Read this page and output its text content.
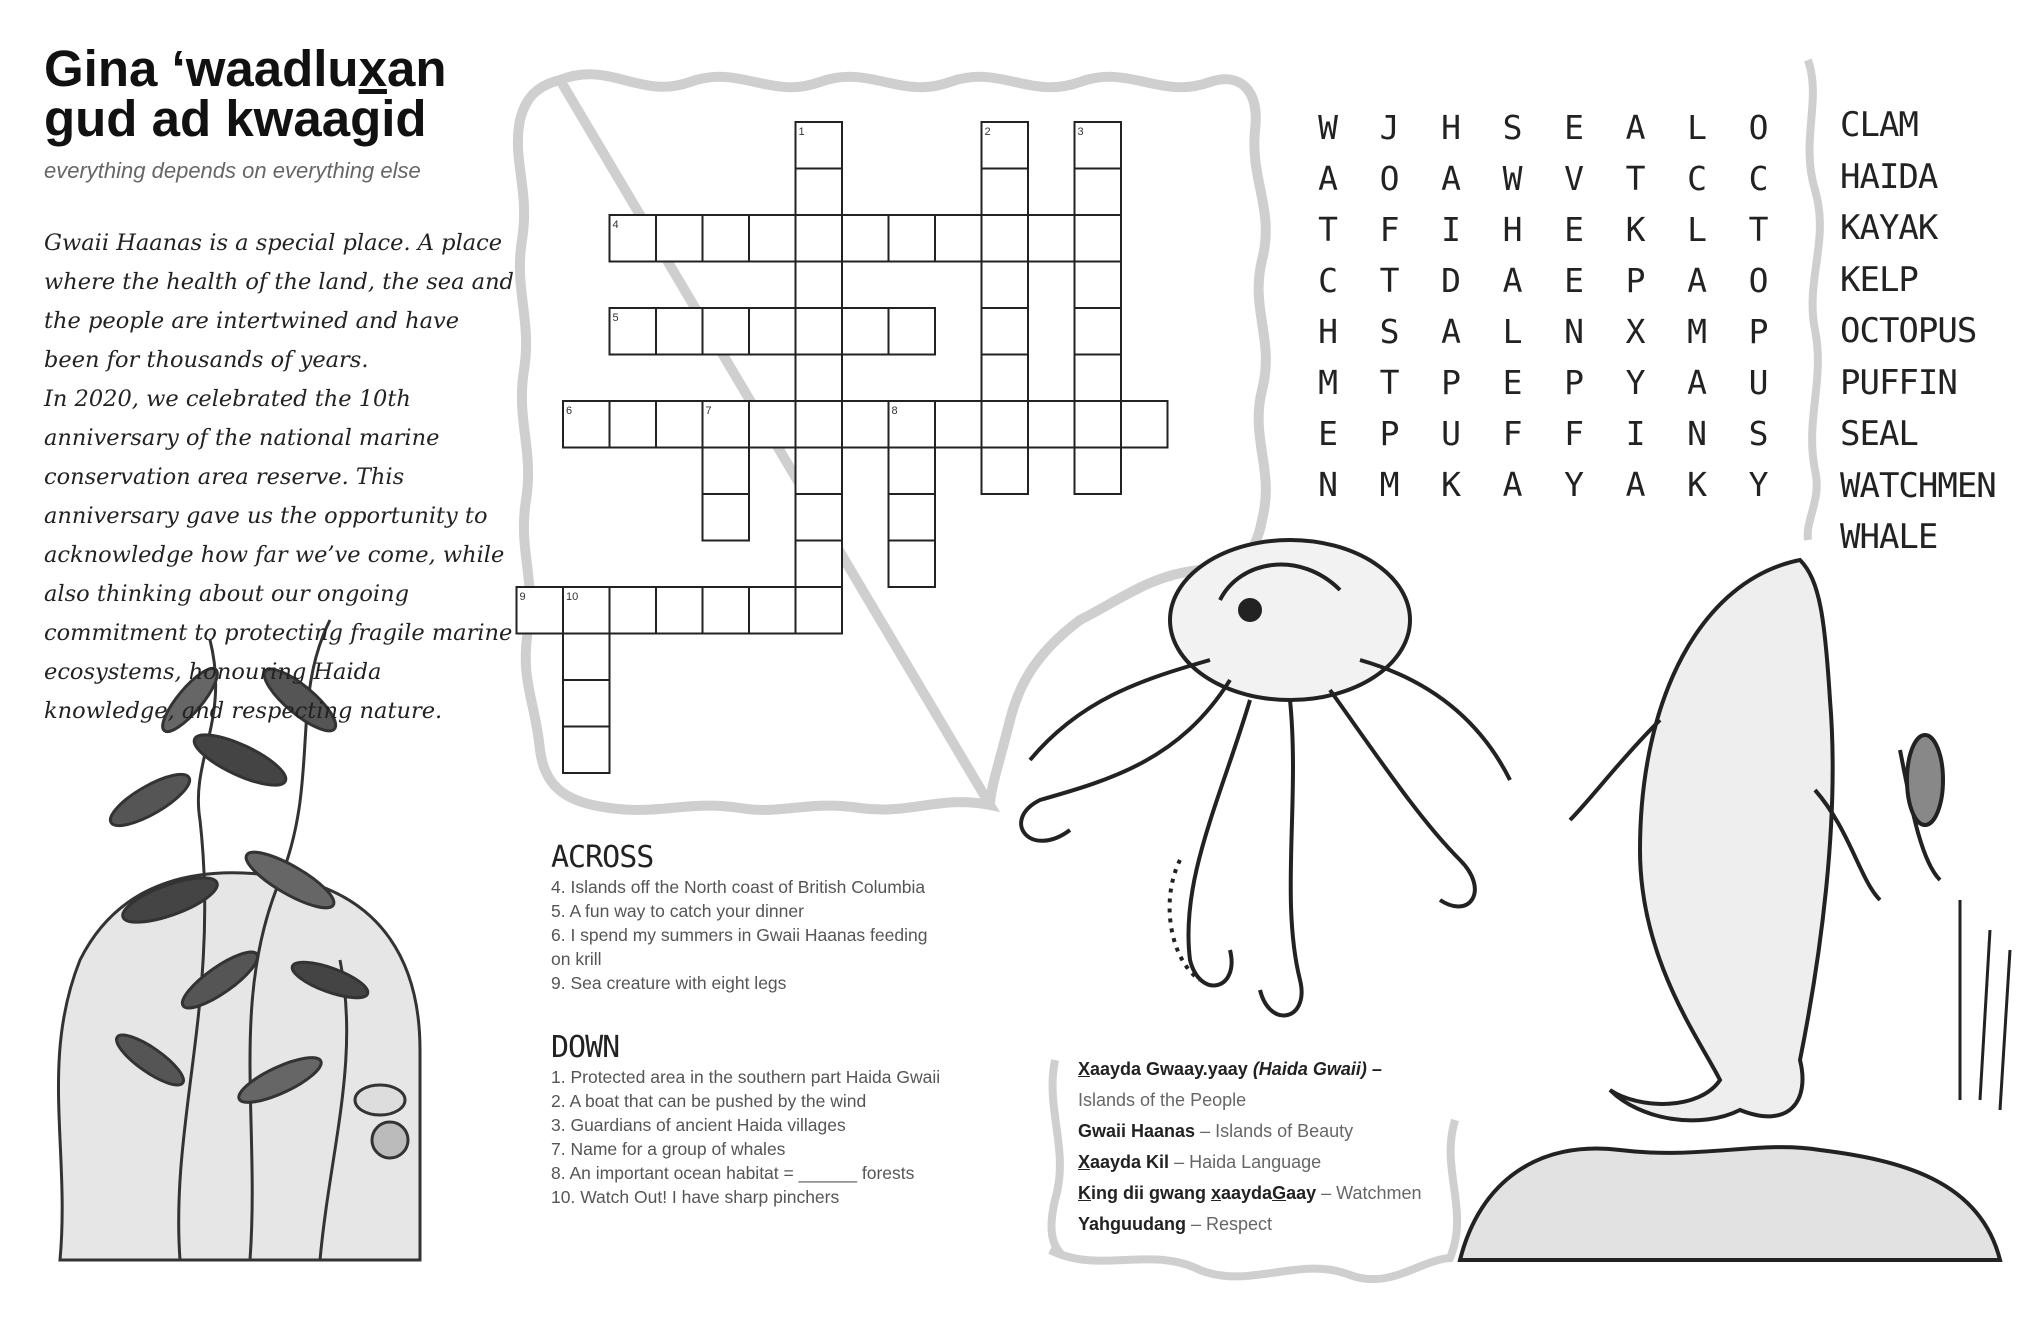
Gina ‘waadluxan
gud ad kwaagid
everything depends on everything else

Gwaii Haanas is a special place. A place where the health of the land, the sea and the people are intertwined and have been for thousands of years.

In 2020, we celebrated the 10th anniversary of the national marine conservation area reserve. This anniversary gave us the opportunity to acknowledge how far we’ve come, while also thinking about our ongoing commitment to protecting fragile marine ecosystems, honouring Haida knowledge, and respecting nature.

1	2	3
4
5
6	7	8
9	10
ACROSS
4. Islands off the North coast of British Columbia
5. A fun way to catch your dinner
6. I spend my summers in Gwaii Haanas feeding
on krill
9. Sea creature with eight legs
DOWN
1. Protected area in the southern part Haida Gwaii
2. A boat that can be pushed by the wind
3. Guardians of ancient Haida villages
7. Name for a group of whales
8. An important ocean habitat = ______ forests
10. Watch Out! I have sharp pinchers
W	J	H	S	E	A	L	O
A	O	A	W	V	T	C	C
T	F	I	H	E	K	L	T
C	T	D	A	E	P	A	O
H	S	A	L	N	X	M	P
M	T	P	E	P	Y	A	U
E	P	U	F	F	I	N	S
N	M	K	A	Y	A	K	Y
CLAM
HAIDA
KAYAK
KELP
OCTOPUS
PUFFIN
SEAL
WATCHMEN
WHALE
Xaayda Gwaay.yaay (Haida Gwaii) –
Islands of the People
Gwaii Haanas – Islands of Beauty
Xaayda Kil – Haida Language
King dii gwang xaaydaGaay – Watchmen
Yahguudang – Respect
